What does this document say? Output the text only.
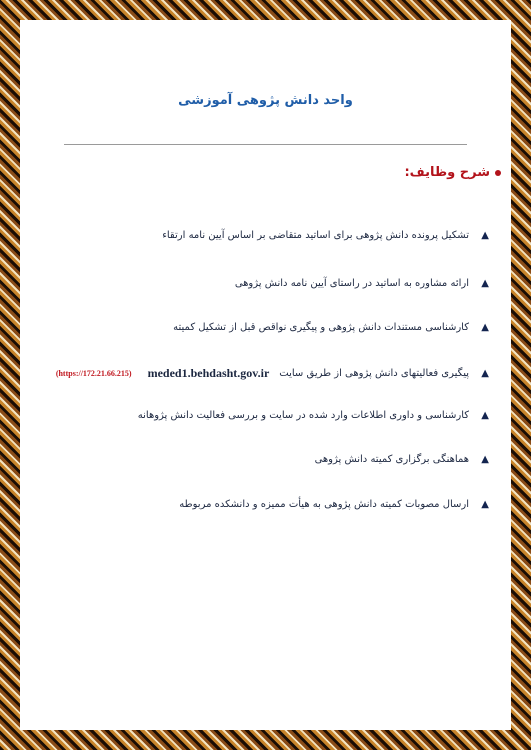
واحد دانش پژوهی آموزشی
شرح وظایف:
▲
تشکیل پرونده دانش پژوهی برای اساتید متقاضی بر اساس آیین نامه ارتقاء
▲
ارائه مشاوره به اساتید در راستای آیین نامه دانش پژوهی
▲
کارشناسی مستندات دانش پژوهی و پیگیری نواقص قبل از تشکیل کمیته
▲
پیگیری فعالیتهای دانش پژوهی از طریق سایت
meded1.behdasht.gov.ir
(https://172.21.66.215)
▲
کارشناسی و داوری اطلاعات وارد شده در سایت و بررسی فعالیت دانش پژوهانه
▲
هماهنگی برگزاری کمیته دانش پژوهی
▲
ارسال مصوبات کمیته دانش پژوهی به هیأت ممیزه و دانشکده مربوطه
